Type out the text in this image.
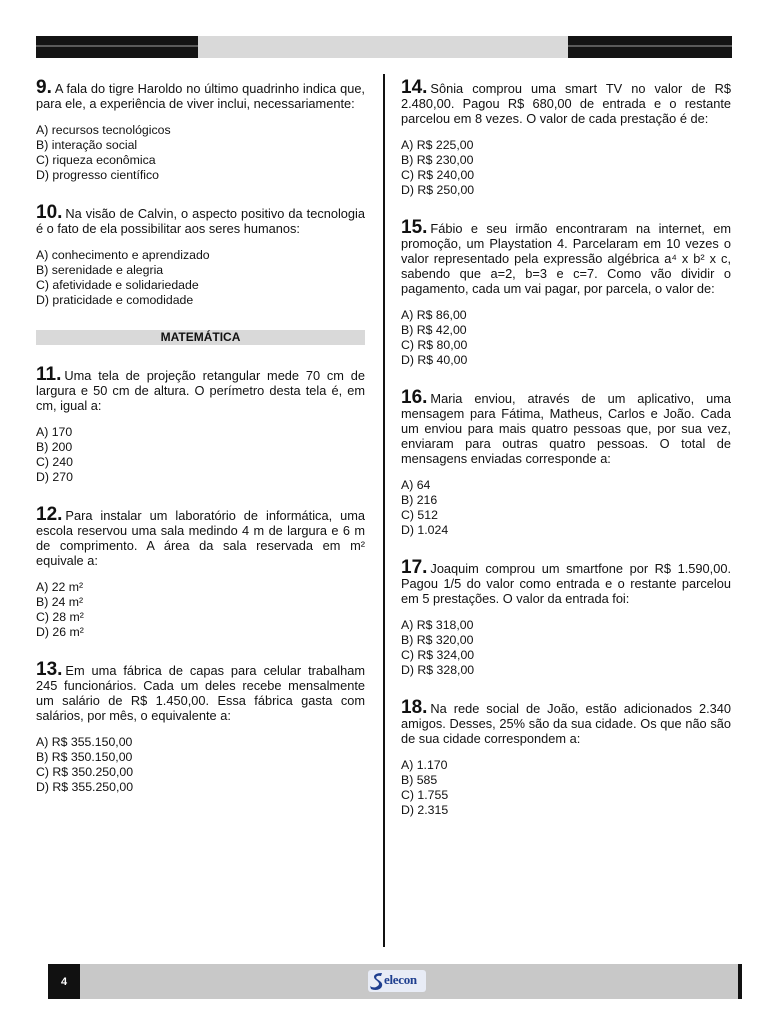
9. A fala do tigre Haroldo no último quadrinho indica que, para ele, a experiência de viver inclui, necessariamente:

A) recursos tecnológicos
B) interação social
C) riqueza econômica
D) progresso científico

10. Na visão de Calvin, o aspecto positivo da tecnologia é o fato de ela possibilitar aos seres humanos:

A) conhecimento e aprendizado
B) serenidade e alegria
C) afetividade e solidariedade
D) praticidade e comodidade

MATEMÁTICA

11. Uma tela de projeção retangular mede 70 cm de largura e 50 cm de altura. O perímetro desta tela é, em cm, igual a:

A) 170
B) 200
C) 240
D) 270

12. Para instalar um laboratório de informática, uma escola reservou uma sala medindo 4 m de largura e 6 m de comprimento. A área da sala reservada em m² equivale a:

A) 22 m²
B) 24 m²
C) 28 m²
D) 26 m²

13. Em uma fábrica de capas para celular trabalham 245 funcionários. Cada um deles recebe mensalmente um salário de R$ 1.450,00. Essa fábrica gasta com salários, por mês, o equivalente a:

A) R$ 355.150,00
B) R$ 350.150,00
C) R$ 350.250,00
D) R$ 355.250,00

14. Sônia comprou uma smart TV no valor de R$ 2.480,00. Pagou R$ 680,00 de entrada e o restante parcelou em 8 vezes. O valor de cada prestação é de:

A) R$ 225,00
B) R$ 230,00
C) R$ 240,00
D) R$ 250,00

15. Fábio e seu irmão encontraram na internet, em promoção, um Playstation 4. Parcelaram em 10 vezes o valor representado pela expressão algébrica a⁴ x b² x c, sabendo que a=2, b=3 e c=7. Como vão dividir o pagamento, cada um vai pagar, por parcela, o valor de:

A) R$ 86,00
B) R$ 42,00
C) R$ 80,00
D) R$ 40,00

16. Maria enviou, através de um aplicativo, uma mensagem para Fátima, Matheus, Carlos e João. Cada um enviou para mais quatro pessoas que, por sua vez, enviaram para outras quatro pessoas. O total de mensagens enviadas corresponde a:

A) 64
B) 216
C) 512
D) 1.024

17. Joaquim comprou um smartfone por R$ 1.590,00. Pagou 1/5 do valor como entrada e o restante parcelou em 5 prestações. O valor da entrada foi:

A) R$ 318,00
B) R$ 320,00
C) R$ 324,00
D) R$ 328,00

18. Na rede social de João, estão adicionados 2.340 amigos. Desses, 25% são da sua cidade. Os que não são de sua cidade correspondem a:

A) 1.170
B) 585
C) 1.755
D) 2.315
4	elecon
